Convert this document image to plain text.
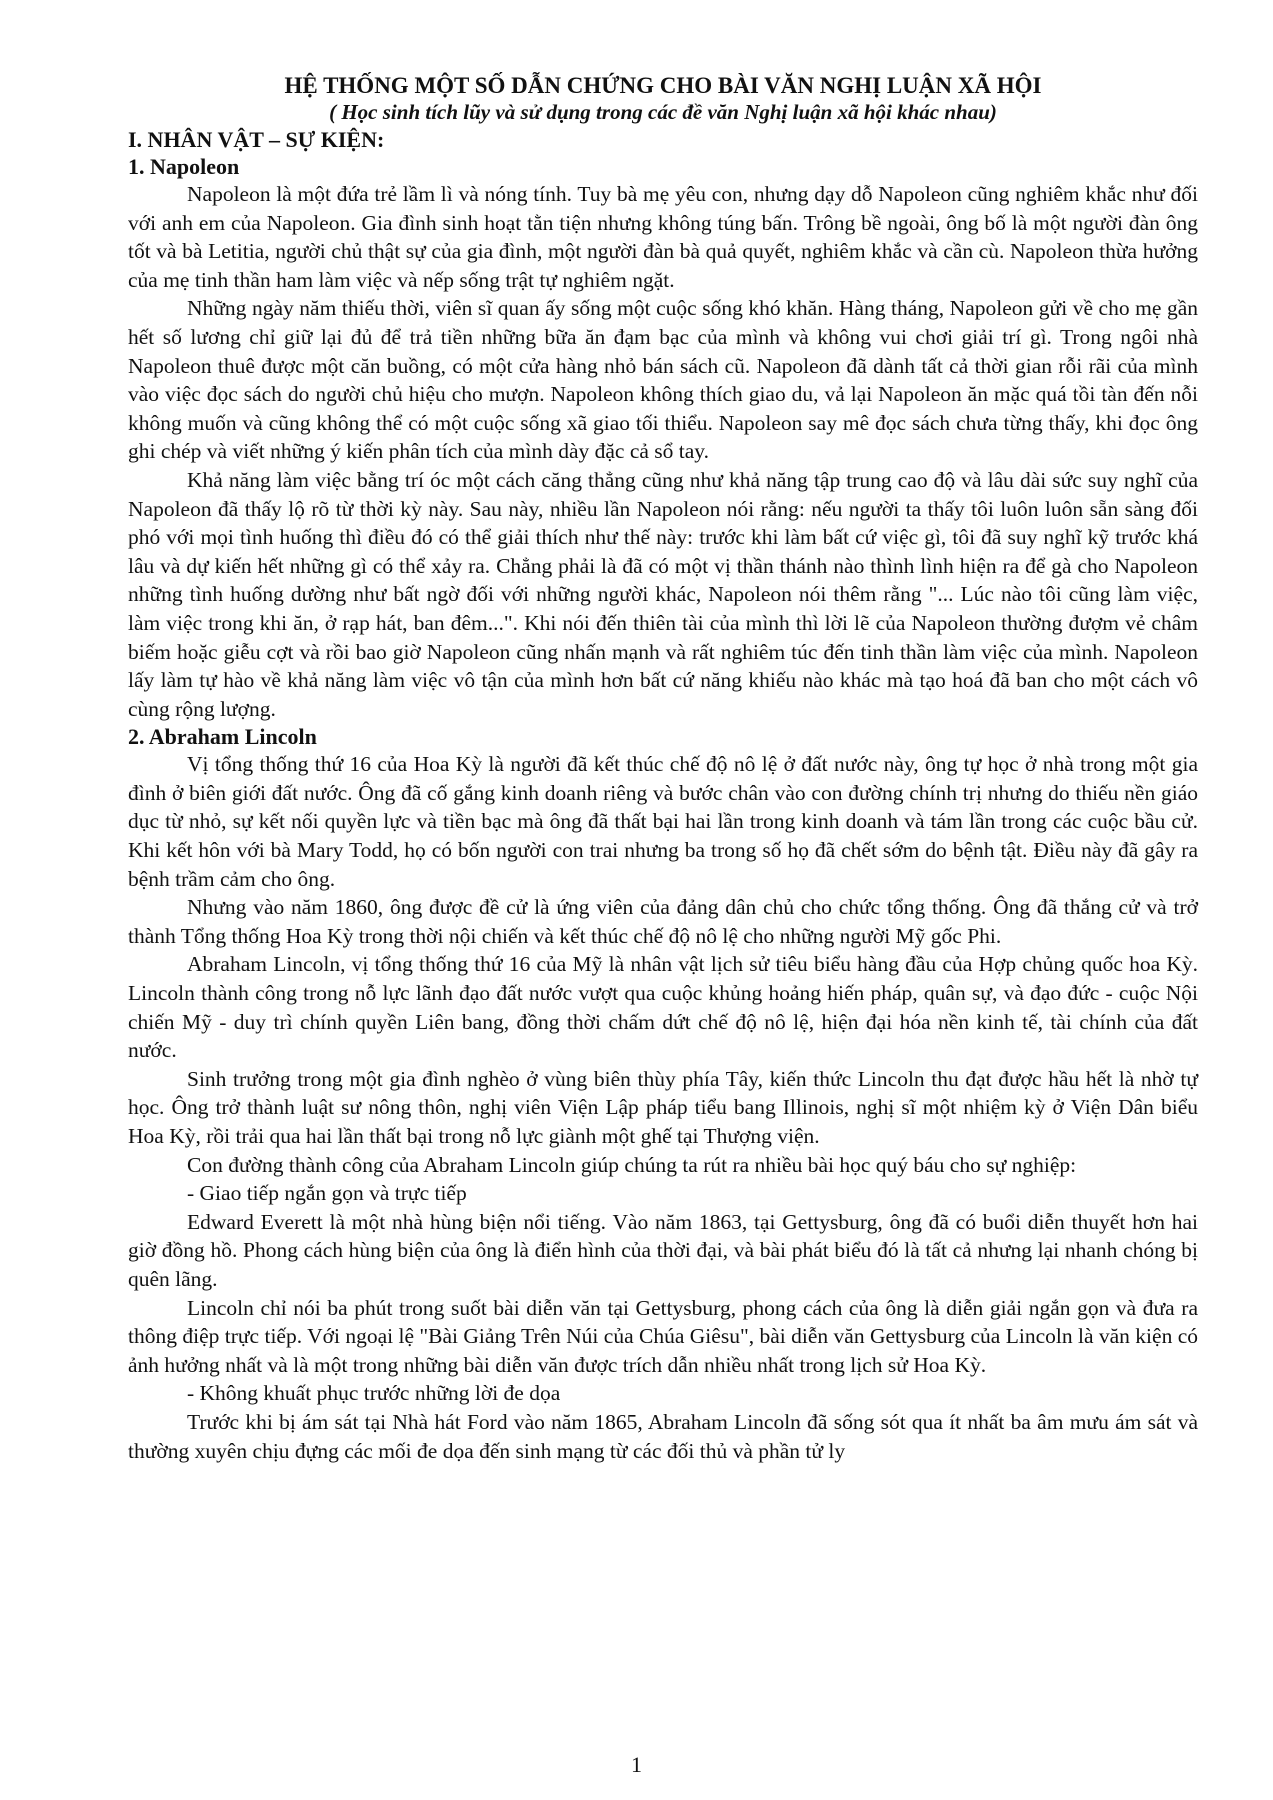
HỆ THỐNG MỘT SỐ DẪN CHỨNG CHO BÀI VĂN NGHỊ LUẬN XÃ HỘI

( Học sinh tích lũy và sử dụng trong các đề văn Nghị luận xã hội khác nhau)

I. NHÂN VẬT – SỰ KIỆN:

1. Napoleon

Napoleon là một đứa trẻ lầm lì và nóng tính. Tuy bà mẹ yêu con, nhưng dạy dỗ Napoleon cũng nghiêm khắc như đối với anh em của Napoleon. Gia đình sinh hoạt tằn tiện nhưng không túng bấn. Trông bề ngoài, ông bố là một người đàn ông tốt và bà Letitia, người chủ thật sự của gia đình, một người đàn bà quả quyết, nghiêm khắc và cần cù. Napoleon thừa hưởng của mẹ tinh thần ham làm việc và nếp sống trật tự nghiêm ngặt.

Những ngày năm thiếu thời, viên sĩ quan ấy sống một cuộc sống khó khăn. Hàng tháng, Napoleon gửi về cho mẹ gần hết số lương chỉ giữ lại đủ để trả tiền những bữa ăn đạm bạc của mình và không vui chơi giải trí gì. Trong ngôi nhà Napoleon thuê được một căn buồng, có một cửa hàng nhỏ bán sách cũ. Napoleon đã dành tất cả thời gian rỗi rãi của mình vào việc đọc sách do người chủ hiệu cho mượn. Napoleon không thích giao du, vả lại Napoleon ăn mặc quá tồi tàn đến nỗi không muốn và cũng không thể có một cuộc sống xã giao tối thiểu. Napoleon say mê đọc sách chưa từng thấy, khi đọc ông ghi chép và viết những ý kiến phân tích của mình dày đặc cả sổ tay.

Khả năng làm việc bằng trí óc một cách căng thẳng cũng như khả năng tập trung cao độ và lâu dài sức suy nghĩ của Napoleon đã thấy lộ rõ từ thời kỳ này. Sau này, nhiều lần Napoleon nói rằng: nếu người ta thấy tôi luôn luôn sẵn sàng đối phó với mọi tình huống thì điều đó có thể giải thích như thế này: trước khi làm bất cứ việc gì, tôi đã suy nghĩ kỹ trước khá lâu và dự kiến hết những gì có thể xảy ra. Chẳng phải là đã có một vị thần thánh nào thình lình hiện ra để gà cho Napoleon những tình huống dường như bất ngờ đối với những người khác, Napoleon nói thêm rằng "... Lúc nào tôi cũng làm việc, làm việc trong khi ăn, ở rạp hát, ban đêm...". Khi nói đến thiên tài của mình thì lời lẽ của Napoleon thường đượm vẻ châm biếm hoặc giễu cợt và rồi bao giờ Napoleon cũng nhấn mạnh và rất nghiêm túc đến tinh thần làm việc của mình. Napoleon lấy làm tự hào về khả năng làm việc vô tận của mình hơn bất cứ năng khiếu nào khác mà tạo hoá đã ban cho một cách vô cùng rộng lượng.

2. Abraham Lincoln

Vị tổng thống thứ 16 của Hoa Kỳ là người đã kết thúc chế độ nô lệ ở đất nước này, ông tự học ở nhà trong một gia đình ở biên giới đất nước. Ông đã cố gắng kinh doanh riêng và bước chân vào con đường chính trị nhưng do thiếu nền giáo dục từ nhỏ, sự kết nối quyền lực và tiền bạc mà ông đã thất bại hai lần trong kinh doanh và tám lần trong các cuộc bầu cử. Khi kết hôn với bà Mary Todd, họ có bốn người con trai nhưng ba trong số họ đã chết sớm do bệnh tật. Điều này đã gây ra bệnh trầm cảm cho ông.

Nhưng vào năm 1860, ông được đề cử là ứng viên của đảng dân chủ cho chức tổng thống. Ông đã thắng cử và trở thành Tổng thống Hoa Kỳ trong thời nội chiến và kết thúc chế độ nô lệ cho những người Mỹ gốc Phi.

Abraham Lincoln, vị tổng thống thứ 16 của Mỹ là nhân vật lịch sử tiêu biểu hàng đầu của Hợp chủng quốc hoa Kỳ. Lincoln thành công trong nỗ lực lãnh đạo đất nước vượt qua cuộc khủng hoảng hiến pháp, quân sự, và đạo đức - cuộc Nội chiến Mỹ - duy trì chính quyền Liên bang, đồng thời chấm dứt chế độ nô lệ, hiện đại hóa nền kinh tế, tài chính của đất nước.

Sinh trưởng trong một gia đình nghèo ở vùng biên thùy phía Tây, kiến thức Lincoln thu đạt được hầu hết là nhờ tự học. Ông trở thành luật sư nông thôn, nghị viên Viện Lập pháp tiểu bang Illinois, nghị sĩ một nhiệm kỳ ở Viện Dân biểu Hoa Kỳ, rồi trải qua hai lần thất bại trong nỗ lực giành một ghế tại Thượng viện.

Con đường thành công của Abraham Lincoln giúp chúng ta rút ra nhiều bài học quý báu cho sự nghiệp:

- Giao tiếp ngắn gọn và trực tiếp

Edward Everett là một nhà hùng biện nổi tiếng. Vào năm 1863, tại Gettysburg, ông đã có buổi diễn thuyết hơn hai giờ đồng hồ. Phong cách hùng biện của ông là điển hình của thời đại, và bài phát biểu đó là tất cả nhưng lại nhanh chóng bị quên lãng.

Lincoln chỉ nói ba phút trong suốt bài diễn văn tại Gettysburg, phong cách của ông là diễn giải ngắn gọn và đưa ra thông điệp trực tiếp. Với ngoại lệ "Bài Giảng Trên Núi của Chúa Giêsu", bài diễn văn Gettysburg của Lincoln là văn kiện có ảnh hưởng nhất và là một trong những bài diễn văn được trích dẫn nhiều nhất trong lịch sử Hoa Kỳ.

- Không khuất phục trước những lời đe dọa

Trước khi bị ám sát tại Nhà hát Ford vào năm 1865, Abraham Lincoln đã sống sót qua ít nhất ba âm mưu ám sát và thường xuyên chịu đựng các mối đe dọa đến sinh mạng từ các đối thủ và phần tử ly

1
